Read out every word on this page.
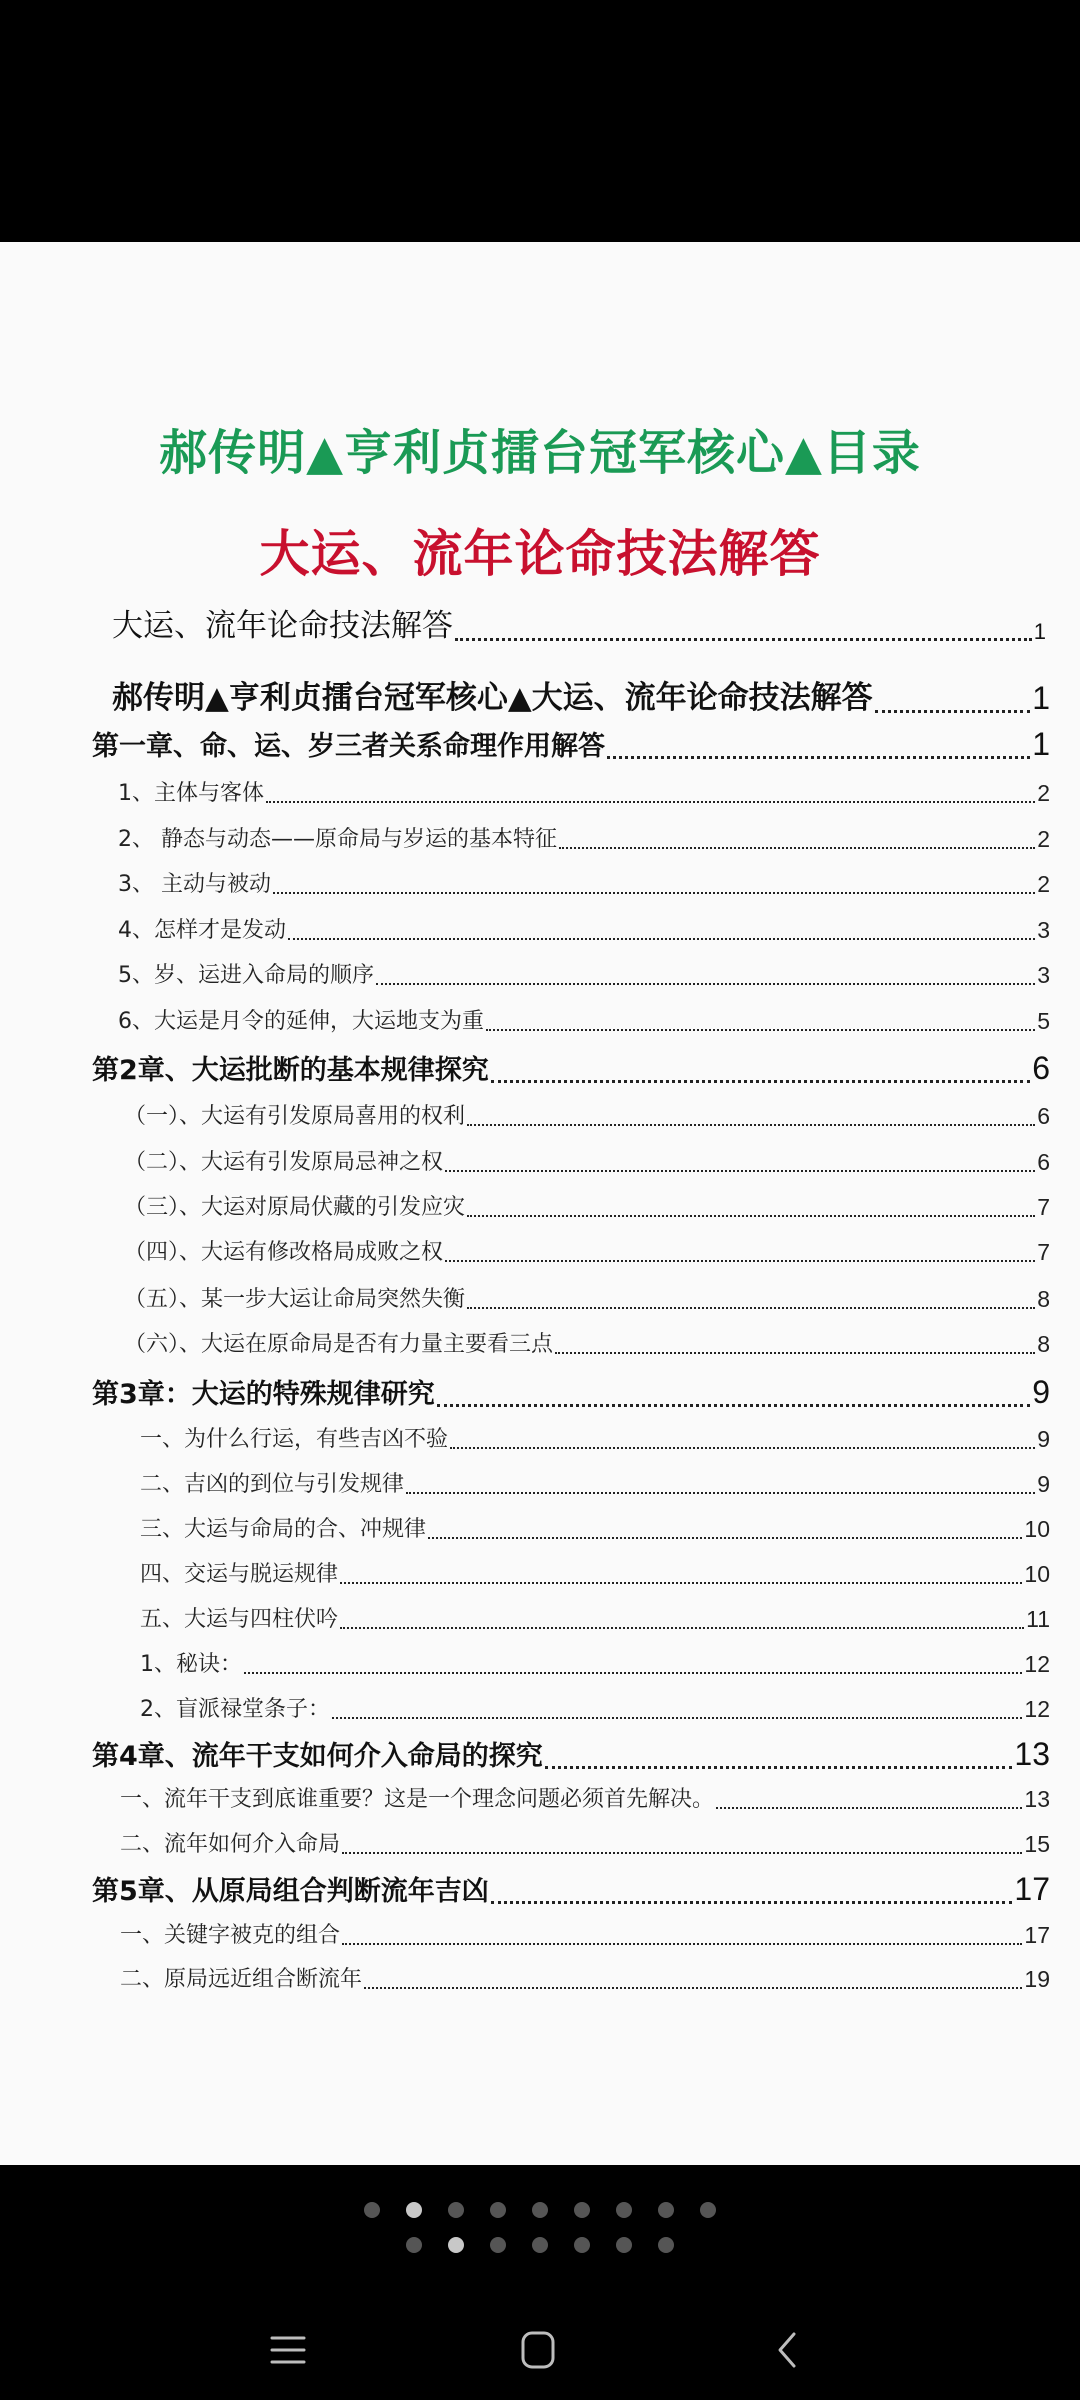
郝传明▲亨利贞擂台冠军核心▲目录
大运、流年论命技法解答
大运、流年论命技法解答	1
郝传明▲亨利贞擂台冠军核心▲大运、流年论命技法解答	1
第一章、命、运、岁三者关系命理作用解答	1
1、主体与客体	2
2、 静态与动态——原命局与岁运的基本特征	2
3、 主动与被动	2
4、怎样才是发动	3
5、岁、运进入命局的顺序	3
6、大运是月令的延伸，大运地支为重	5
第2章、大运批断的基本规律探究	6
（一）、大运有引发原局喜用的权利	6
（二）、大运有引发原局忌神之权	6
（三）、大运对原局伏藏的引发应灾	7
（四）、大运有修改格局成败之权	7
（五）、某一步大运让命局突然失衡	8
（六）、大运在原命局是否有力量主要看三点	8
第3章：大运的特殊规律研究	9
一、为什么行运，有些吉凶不验	9
二、吉凶的到位与引发规律	9
三、大运与命局的合、冲规律	10
四、交运与脱运规律	10
五、大运与四柱伏吟	11
1、秘诀：	12
2、盲派禄堂条子：	12
第4章、流年干支如何介入命局的探究	13
一、流年干支到底谁重要？这是一个理念问题必须首先解决。	13
二、流年如何介入命局	15
第5章、从原局组合判断流年吉凶	17
一、关键字被克的组合	17
二、原局远近组合断流年	19
